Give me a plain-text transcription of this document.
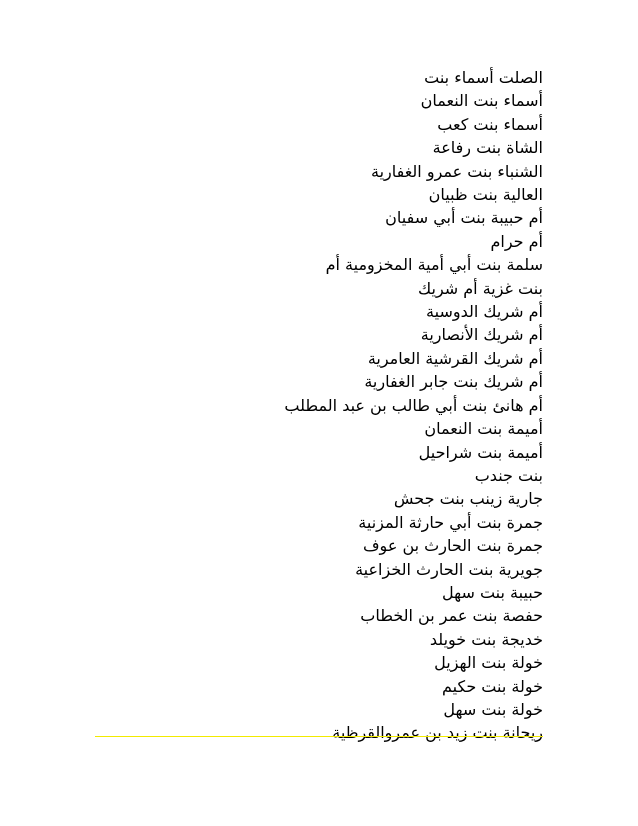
الصلت أسماء بنت
أسماء بنت النعمان
أسماء بنت كعب
الشاة بنت رفاعة
الشنباء بنت عمرو الغفارية
العالية بنت ظبيان
أم حبيبة بنت أبي سفيان
أم حرام
سلمة بنت أبي أمية المخزومية أم
بنت غزية أم شريك
أم شريك الدوسية
أم شريك الأنصارية
أم شريك القرشية العامرية
أم شريك بنت جابر الغفارية
أم هانئ بنت أبي طالب بن عبد المطلب
أميمة بنت النعمان
أميمة بنت شراحيل
بنت جندب
جارية زينب بنت جحش
جمرة بنت أبي حارثة المزنية
جمرة بنت الحارث بن عوف
جويرية بنت الحارث الخزاعية
حبيبة بنت سهل
حفصة بنت عمر بن الخطاب
خديجة بنت خويلد
خولة بنت الهزيل
خولة بنت حكيم
خولة بنت سهل
ريحانة بنت زيد بن عمروالقرظية
